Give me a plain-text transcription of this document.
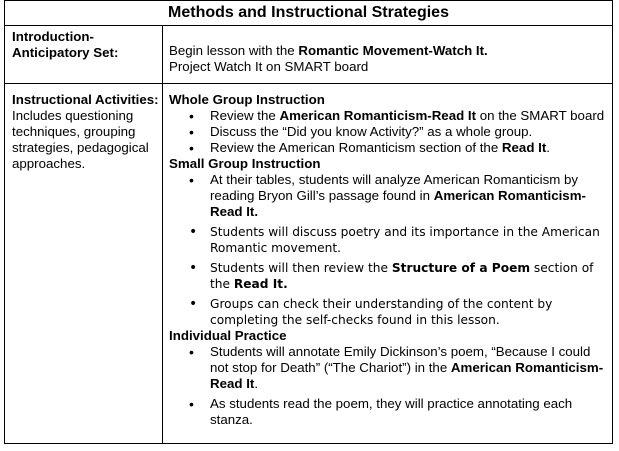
Methods and Instructional Strategies
Introduction-Anticipatory Set:	Begin lesson with the Romantic Movement-Watch It.
Project Watch It on SMART board
Instructional Activities:
Includes questioning techniques, grouping strategies, pedagogical approaches.
Whole Group Instruction
• Review the American Romanticism-Read It on the SMART board
• Discuss the “Did you know Activity?” as a whole group.
• Review the American Romanticism section of the Read It.
Small Group Instruction
• At their tables, students will analyze American Romanticism by reading Bryon Gill’s passage found in American Romanticism-Read It.
• Students will discuss poetry and its importance in the American Romantic movement.
• Students will then review the Structure of a Poem section of the Read It.
• Groups can check their understanding of the content by completing the self-checks found in this lesson.
Individual Practice
• Students will annotate Emily Dickinson’s poem, “Because I could not stop for Death” (“The Chariot”) in the American Romanticism- Read It.
• As students read the poem, they will practice annotating each stanza.
